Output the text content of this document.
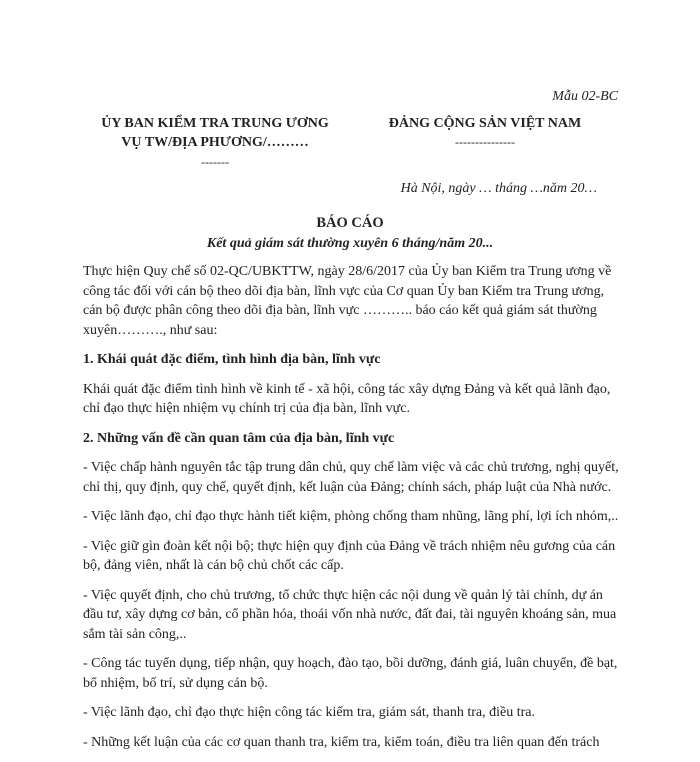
Mẫu 02-BC
ỦY BAN KIỂM TRA TRUNG ƯƠNG
VỤ TW/ĐỊA PHƯƠNG/………
-------
ĐẢNG CỘNG SẢN VIỆT NAM
---------------
Hà Nội, ngày … tháng …năm 20…
BÁO CÁO
Kết quả giám sát thường xuyên 6 tháng/năm 20...

Thực hiện Quy chế số 02-QC/UBKTTW, ngày 28/6/2017 của Ủy ban Kiểm tra Trung ương về công tác đối với cán bộ theo dõi địa bàn, lĩnh vực của Cơ quan Ủy ban Kiểm tra Trung ương, cán bộ được phân công theo dõi địa bàn, lĩnh vực ……….. báo cáo kết quả giám sát thường xuyên………., như sau:

1. Khái quát đặc điểm, tình hình địa bàn, lĩnh vực

Khái quát đặc điểm tình hình về kinh tế - xã hội, công tác xây dựng Đảng và kết quả lãnh đạo, chỉ đạo thực hiện nhiệm vụ chính trị của địa bàn, lĩnh vực.

2. Những vấn đề cần quan tâm của địa bàn, lĩnh vực

- Việc chấp hành nguyên tắc tập trung dân chủ, quy chế làm việc và các chủ trương, nghị quyết, chỉ thị, quy định, quy chế, quyết định, kết luận của Đảng; chính sách, pháp luật của Nhà nước.

- Việc lãnh đạo, chỉ đạo thực hành tiết kiệm, phòng chống tham nhũng, lãng phí, lợi ích nhóm,..

- Việc giữ gìn đoàn kết nội bộ; thực hiện quy định của Đảng về trách nhiệm nêu gương của cán bộ, đảng viên, nhất là cán bộ chủ chốt các cấp.

- Việc quyết định, cho chủ trương, tổ chức thực hiện các nội dung về quản lý tài chính, dự án đầu tư, xây dựng cơ bản, cổ phần hóa, thoái vốn nhà nước, đất đai, tài nguyên khoáng sản, mua sắm tài sản công,..

- Công tác tuyển dụng, tiếp nhận, quy hoạch, đào tạo, bồi dưỡng, đánh giá, luân chuyển, đề bạt, bổ nhiệm, bố trí, sử dụng cán bộ.

- Việc lãnh đạo, chỉ đạo thực hiện công tác kiểm tra, giám sát, thanh tra, điều tra.

- Những kết luận của các cơ quan thanh tra, kiểm tra, kiểm toán, điều tra liên quan đến trách
